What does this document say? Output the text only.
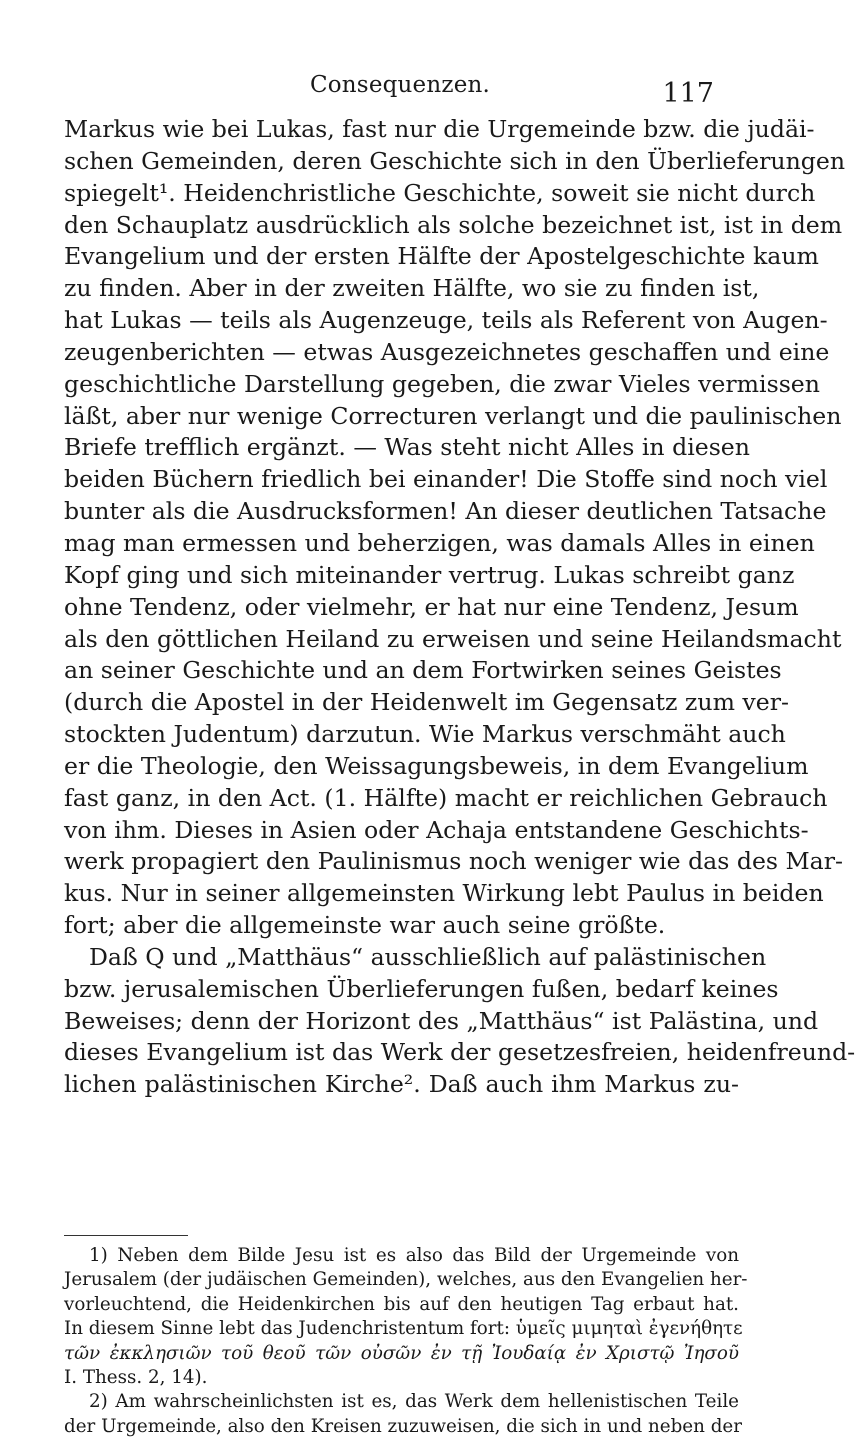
Consequenzen.	117
Markus wie bei Lukas, fast nur die Urgemeinde bzw. die judäi-
schen Gemeinden, deren Geschichte sich in den Überlieferungen
spiegelt¹. Heidenchristliche Geschichte, soweit sie nicht durch
den Schauplatz ausdrücklich als solche bezeichnet ist, ist in dem
Evangelium und der ersten Hälfte der Apostelgeschichte kaum
zu finden. Aber in der zweiten Hälfte, wo sie zu finden ist,
hat Lukas — teils als Augenzeuge, teils als Referent von Augen-
zeugenberichten — etwas Ausgezeichnetes geschaffen und eine
geschichtliche Darstellung gegeben, die zwar Vieles vermissen
läßt, aber nur wenige Correcturen verlangt und die paulinischen
Briefe trefflich ergänzt. — Was steht nicht Alles in diesen
beiden Büchern friedlich bei einander! Die Stoffe sind noch viel
bunter als die Ausdrucksformen! An dieser deutlichen Tatsache
mag man ermessen und beherzigen, was damals Alles in einen
Kopf ging und sich miteinander vertrug. Lukas schreibt ganz
ohne Tendenz, oder vielmehr, er hat nur eine Tendenz, Jesum
als den göttlichen Heiland zu erweisen und seine Heilandsmacht
an seiner Geschichte und an dem Fortwirken seines Geistes
(durch die Apostel in der Heidenwelt im Gegensatz zum ver-
stockten Judentum) darzutun. Wie Markus verschmäht auch
er die Theologie, den Weissagungsbeweis, in dem Evangelium
fast ganz, in den Act. (1. Hälfte) macht er reichlichen Gebrauch
von ihm. Dieses in Asien oder Achaja entstandene Geschichts-
werk propagiert den Paulinismus noch weniger wie das des Mar-
kus. Nur in seiner allgemeinsten Wirkung lebt Paulus in beiden
fort; aber die allgemeinste war auch seine größte.
Daß Q und „Matthäus“ ausschließlich auf palästinischen
bzw. jerusalemischen Überlieferungen fußen, bedarf keines
Beweises; denn der Horizont des „Matthäus“ ist Palästina, und
dieses Evangelium ist das Werk der gesetzesfreien, heidenfreund-
lichen palästinischen Kirche². Daß auch ihm Markus zu-
1) Neben dem Bilde Jesu ist es also das Bild der Urgemeinde von
Jerusalem (der judäischen Gemeinden), welches, aus den Evangelien her-
vorleuchtend, die Heidenkirchen bis auf den heutigen Tag erbaut hat.
In diesem Sinne lebt das Judenchristentum fort: ὑμεῖς μιμηταὶ ἐγενήθητε
τῶν ἐκκλησιῶν τοῦ θεοῦ τῶν οὐσῶν ἐν τῇ Ἰουδαίᾳ ἐν Χριστῷ Ἰησοῦ
I. Thess. 2, 14).
2) Am wahrscheinlichsten ist es, das Werk dem hellenistischen Teile
der Urgemeinde, also den Kreisen zuzuweisen, die sich in und neben der
